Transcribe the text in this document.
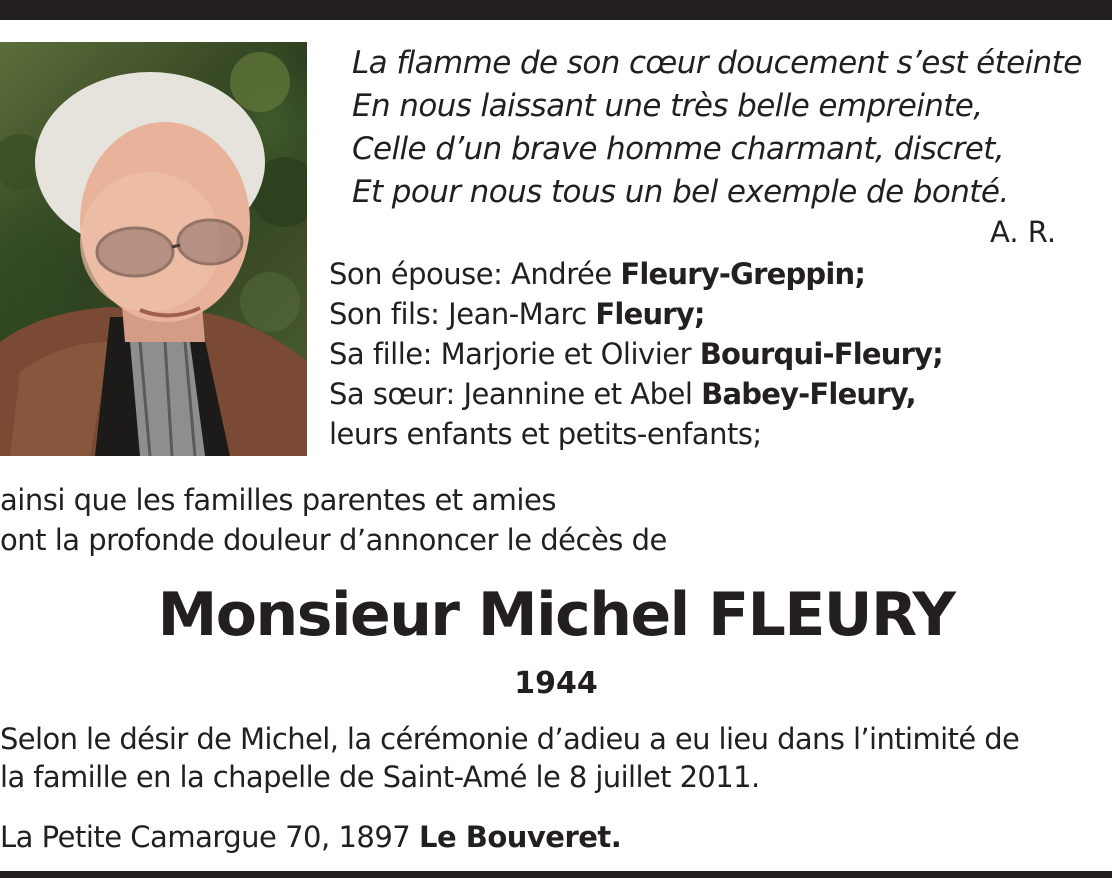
La flamme de son cœur doucement s’est éteinte
En nous laissant une très belle empreinte,
Celle d’un brave homme charmant, discret,
Et pour nous tous un bel exemple de bonté.
A. R.
Son épouse: Andrée Fleury-Greppin;
Son fils: Jean-Marc Fleury;
Sa fille: Marjorie et Olivier Bourqui-Fleury;
Sa sœur: Jeannine et Abel Babey-Fleury,
leurs enfants et petits-enfants;
ainsi que les familles parentes et amies
ont la profonde douleur d’annoncer le décès de
Monsieur Michel FLEURY
1944
Selon le désir de Michel, la cérémonie d’adieu a eu lieu dans l’intimité de
la famille en la chapelle de Saint-Amé le 8 juillet 2011.
La Petite Camargue 70, 1897 Le Bouveret.
